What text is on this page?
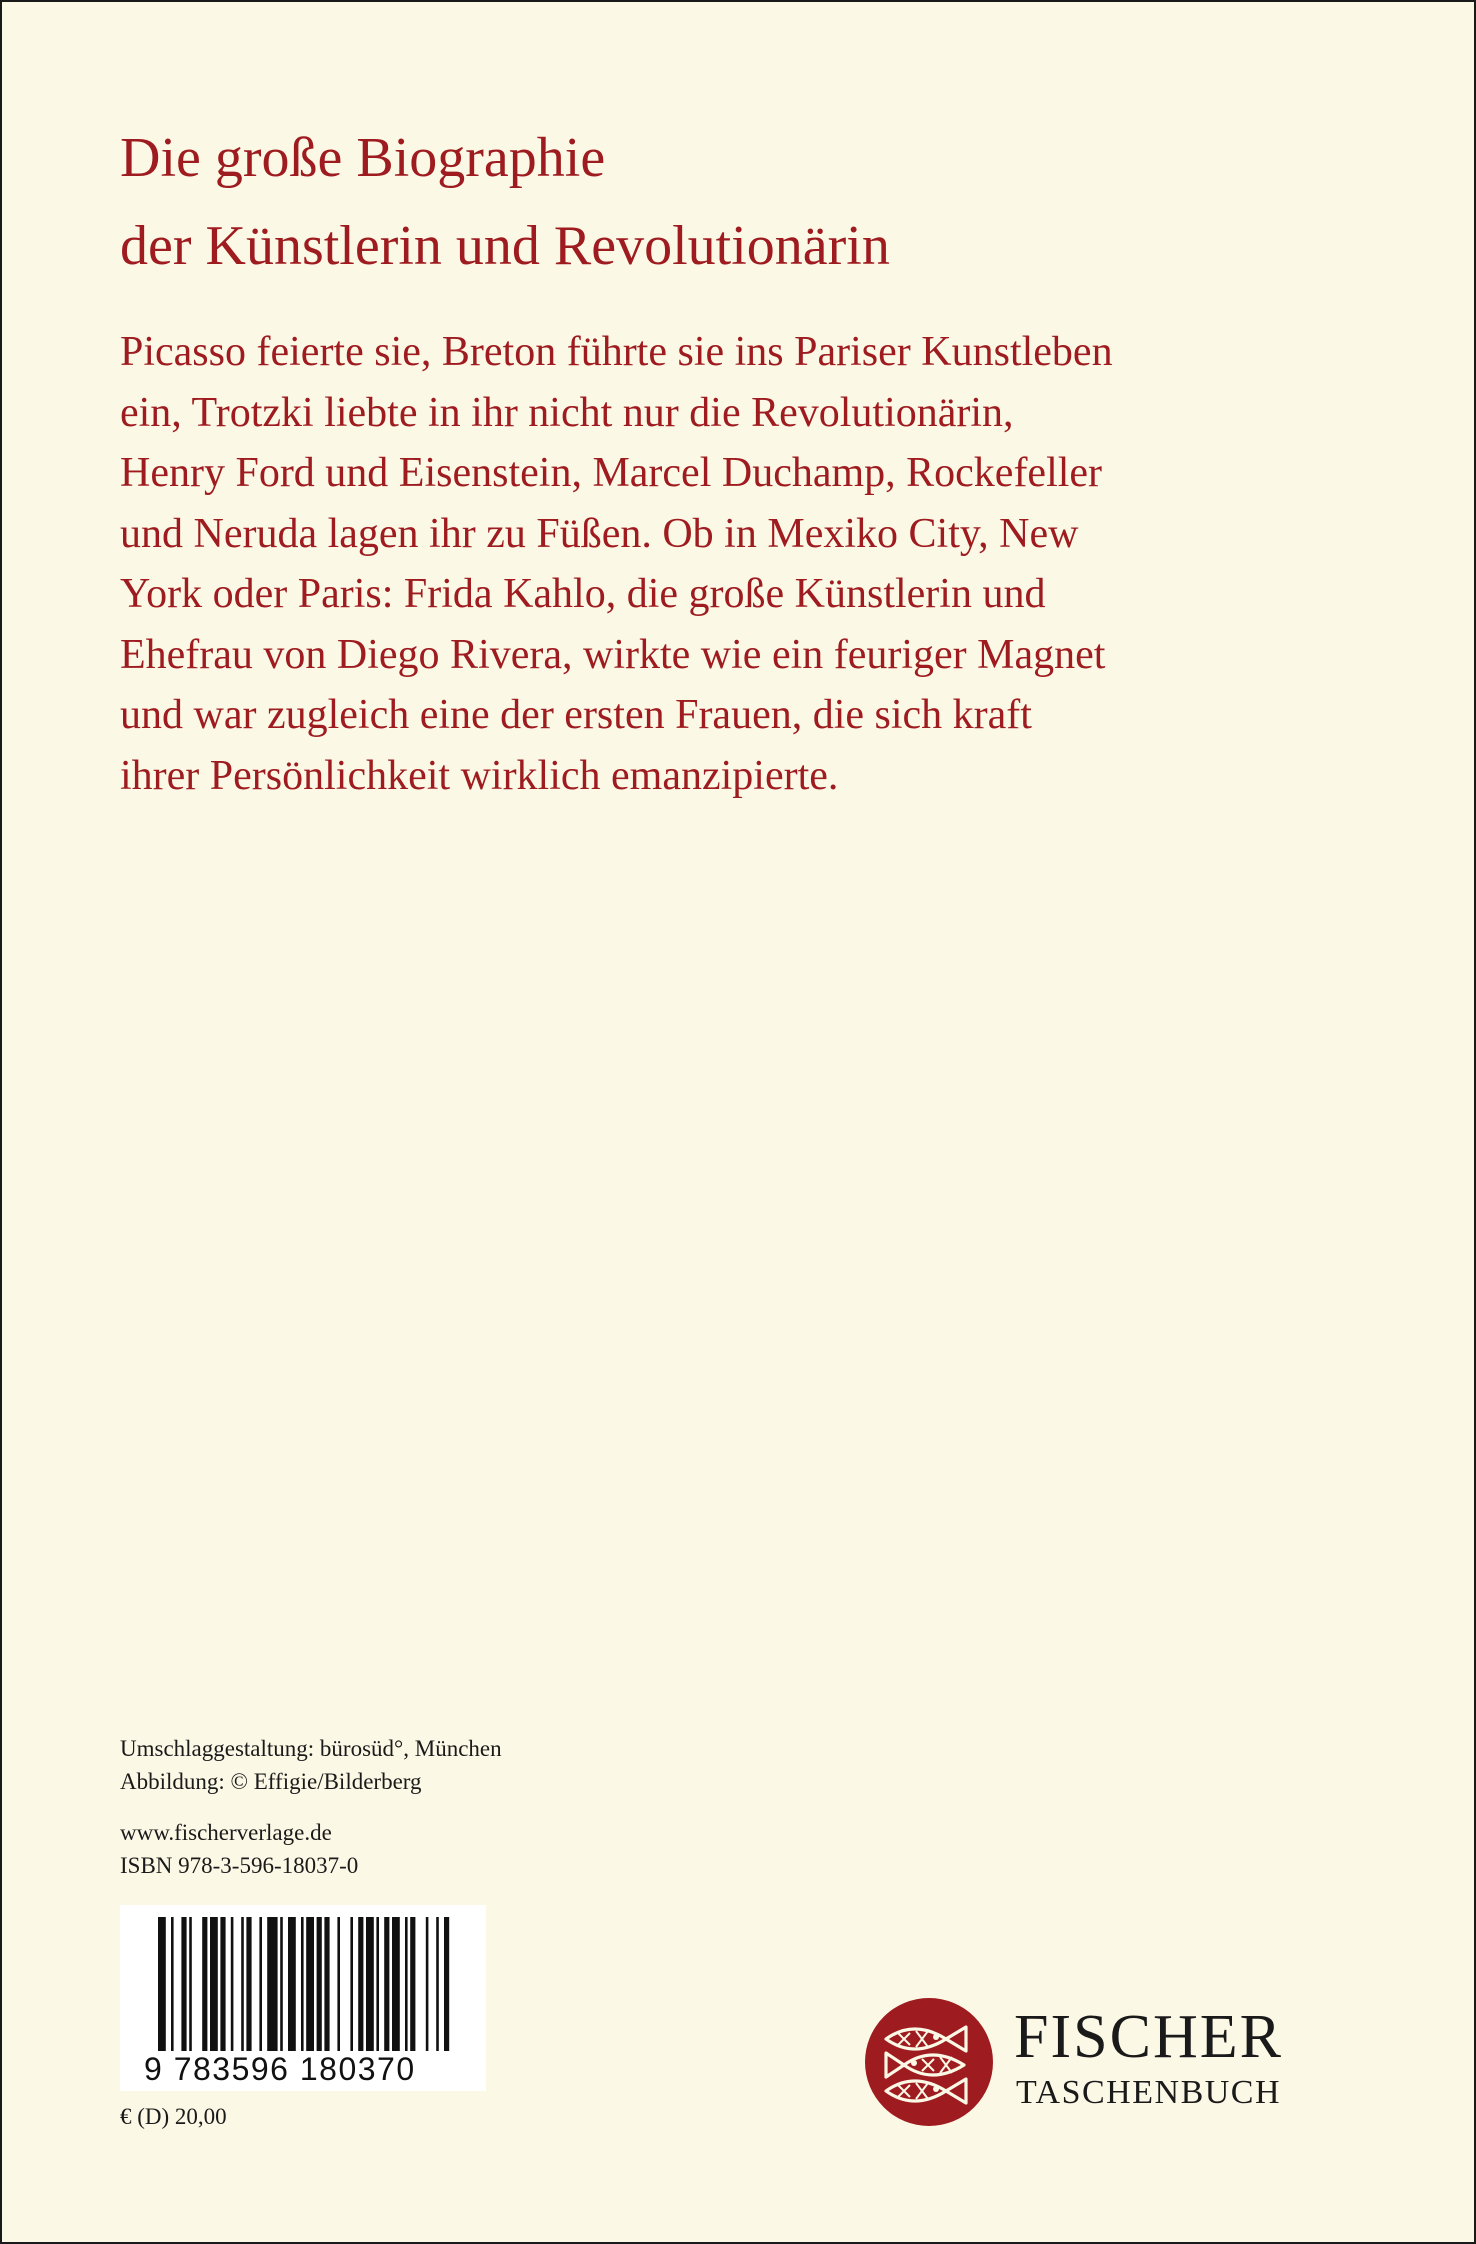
Die große Biographie
der Künstlerin und Revolutionärin

Picasso feierte sie, Breton führte sie ins Pariser Kunstleben
ein, Trotzki liebte in ihr nicht nur die Revolutionärin,
Henry Ford und Eisenstein, Marcel Duchamp, Rockefeller
und Neruda lagen ihr zu Füßen. Ob in Mexiko City, New
York oder Paris: Frida Kahlo, die große Künstlerin und
Ehefrau von Diego Rivera, wirkte wie ein feuriger Magnet
und war zugleich eine der ersten Frauen, die sich kraft
ihrer Persönlichkeit wirklich emanzipierte.

Umschlaggestaltung: bürosüd°, München
Abbildung: © Effigie/Bilderberg
www.fischerverlage.de
ISBN 978-3-596-18037-0
9 783596 180370
€ (D) 20,00
FISCHER
TASCHENBUCH
